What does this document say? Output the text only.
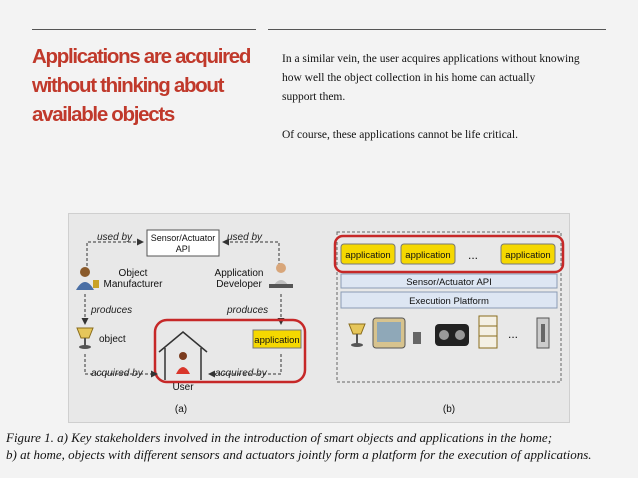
Applications are acquired
without thinking about
available objects

In a similar vein, the user acquires applications without knowing

how well the object collection in his home can actually

support them.

Of course, these applications cannot be life critical.

used by	used by
Sensor/Actuator
API
Object
Manufacturer
Application
Developer
produces	produces
object	application
acquired by	acquired by
User
(a)
application application ...	application
Sensor/Actuator API
Execution Platform
...
(b)
Figure 1. a) Key stakeholders involved in the introduction of smart objects and applications in the home;
b) at home, objects with different sensors and actuators jointly form a platform for the execution of applications.
